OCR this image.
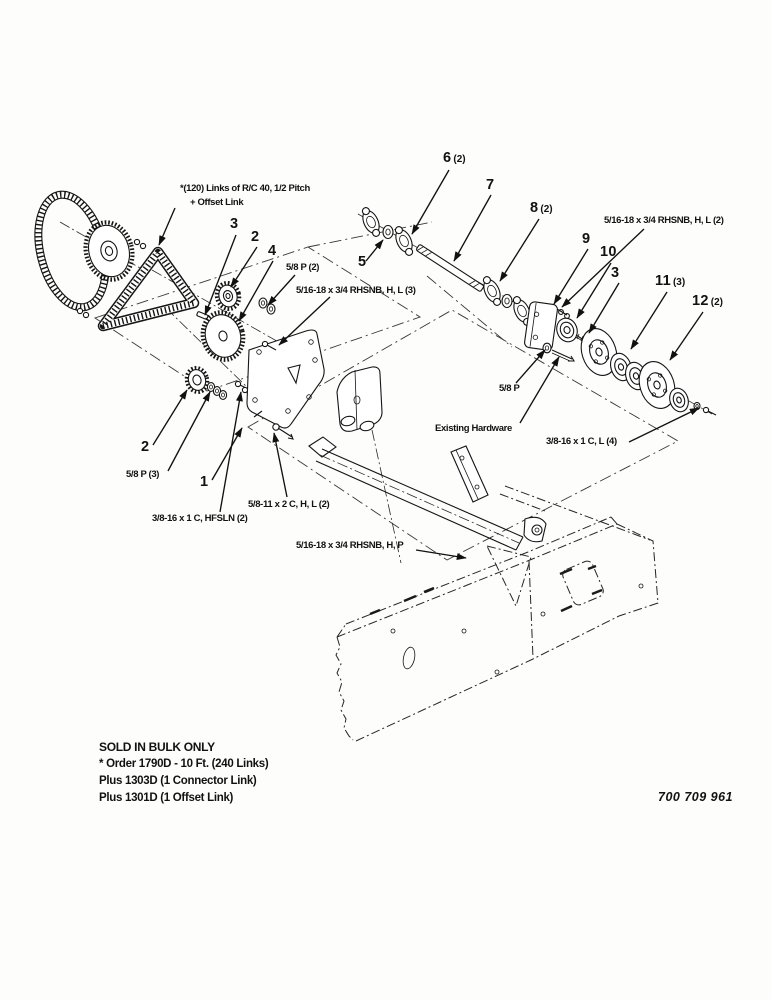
*(120) Links of R/C 40, 1/2 Pitch
+ Offset Link
3
2
4
5/8 P (2)
5/16-18 x 3/4 RHSNB, H, L (3)
5
6 (2)
7
8 (2)
5/16-18 x 3/4 RHSNB, H, L (2)
9
10
3 11 (3)
12 (2)
5/8 P
Existing Hardware
3/8-16 x 1 C, L (4)
2
5/8 P (3)	1
3/8-16 x 1 C, HFSLN (2)
5/8-11 x 2 C, H, L (2)
5/16-18 x 3/4 RHSNB, H, P
SOLD IN BULK ONLY
* Order 1790D - 10 Ft. (240 Links)
Plus 1303D (1 Connector Link)
Plus 1301D (1 Offset Link)	700 709 961
